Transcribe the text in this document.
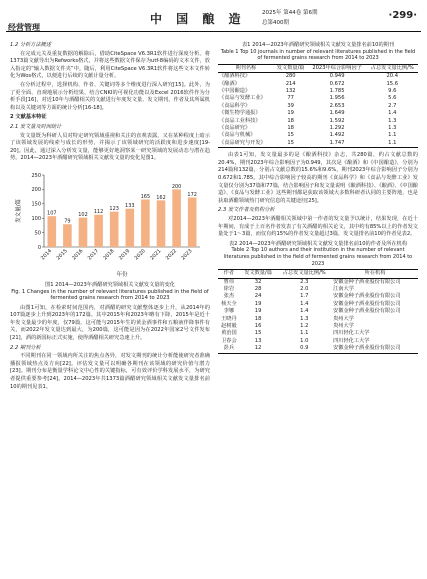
经营管理
中 国 酿 造	2025年 第44卷 第6期
总第400期
·299·
1.2 分析方法概述

在完成元关及重复数据的解除后，借助CiteSpace V6.3R1软件进行深度分析。将1373篇文献导出为Refworks格式，并将这些数据文件保存为utf-8编码的文本文件，放入指定的“输入数据文件夹”中。随后，利用CiteSpace V6.3R1软件将这些文本文件转化为Wos格式，以便进行后续的文献计量分析。

在分析过程中，选择机构、作者、关键词等多个维度进行深入研究[15]。此外，为了更全面、直观地展示分析结果，结合CNKI的可视化功能以及Excel 2016软件作为分析手段[16]，对近10年与酒醋相关的文献进行年度发文量、发文期刊、作者及其所属机构以及关键词等方面的统计分析[16-18]。

2 文献基本特征
2.1 发文量及时间统计

发文量既为科研人员对特定研究领域重视和关注的直观表露，又在某种程度上暗示了该领域发展的线索与成长的形势，并揭示了该领域研究的活跃度和进步速度[19-20]。因此，通过深入分析发文量，能够更好地洞察某一研究领域的发展动态与潜在趋势。2014—2023年酒醋研究领域相关文献发文量的变化见图1。

0
50
100
150
200
250
107
2014
79
2015
102
2016
112
2017
123
2018
133
2019
165
2020
162
2021
200
2022
172
2023
年份
发文量/篇
图1 2014—2023年酒醋研究领域相关文献发文量的变化
Fig. 1 Changes in the number of relevant literatures published in the field of fermented grains research from 2014 to 2023

由图1可知，在检索时间范围内，对酒醋的研究文献整体逐步上升，从2014年的107篇逐步上升到2023年的172篇。其中2015年和2023年略有下降，2015年是近十年发文量最少的年度，仅79篇，这可能与2015年生的黄金酒事件和五粮液伴降事件有关，而2022年发文量达到最大，为200篇，这可能是因为在2022年国家2号文件发布[21]，酒的新国标正式实施，使得酒醋相关研究急速上升。

2.2 期刊分析

不同期刊在同一领域内所关注的焦点各异，对发文期刊的统计分析能使研究者准确播报领域热点及方向[22]。评估发文量可以明确各期刊在该领域的研究价值与潜力[23]。期刊分布是衡量学科论文中心性的关键指标，可有效评价学科发展水平，为研究者提供重要参考[24]。2014—2023年共1373篇酒醋研究领域相关文献发文量排名前10的期刊见表1。

表1 2014—2023年酒醋研究领域相关文献发文量排名前10的期刊
Table 1 Top 10 journals in number of relevant literatures published in the field of fermented grains research from 2014 to 2023
期刊名称	发文数量/篇	2023年综合影响因子	占总发文量比例/%
《酿酒科技》	280	0.949	20.4
《酿酒》	214	0.672	15.6
《中国酿造》	132	1.785	9.6
《食品与发酵工业》	77	1.956	5.6
《食品科学》	39	2.653	2.7
《微生物学通报》	19	1.649	1.4
《食品工业科技》	18	1.592	1.3
《食品研究》	18	1.292	1.3
《食品与机械》	15	1.492	1.1
《食品研究与开发》	15	1.747	1.1

由表1可知，发文量最多的是《酿酒科技》杂志，共280篇，约占文献总数的20.4%，期刊2023年综合影响因子为0.949，其次是《酿酒》和《中国酿造》，分别为214篇和132篇，分别占文献总数的15.6%和9.6%，期刊2023年综合影响因子分别为0.672和1.785。其中综合影响因子较高的期刊《食品科学》和《食品与发酵工业》发文量仅分别为37篇和77篇，结合影响因子和发文量说明《酿酒科技》、《酿酒》、《中国酿造》、《食品与发酵工业》这些期刊都是获取该领域大多数科研者认同的主要阵地，也是获取酒醋领域热门研究信息的关键途径[25]。

2.3 发文作者及机构分析

对2014—2023年酒醋相关领域中第一作者的发文量予以统计，结果发现，在近十年期间，有成于上百名作者发表了有关酒醋的相关论文，其中约有85%以上的作者发文量处于1～3篇，而仅有约15%的作者发文量超过3篇，发文量排名前10的作者见表2。

表2 2014—2023年酒醋研究领域相关文献发文量排名前10的作者及所在机构
Table 2 Top 10 authors and their institution in the number of relevant literatures published in the field of fermented grains research from 2014 to 2023
作者	发文数量/篇	占总发文量比例/%	所在机构
曹伟	32	2.3	安徽金种子酒业股份有限公司
徐岩	28	2.0	江南大学
张杰	24	1.7	安徽金种子酒业股份有限公司
杨天全	19	1.4	安徽金种子酒业股份有限公司
李娜	19	1.4	安徽金种子酒业股份有限公司
王晓丹	18	1.3	贵州大学
赵树毅	16	1.2	贵州大学
黄治国	15	1.1	四川轻化工大学
卫春会	13	1.0	四川轻化工大学
彭兵	12	0.9	安徽金种子酒业股份有限公司
